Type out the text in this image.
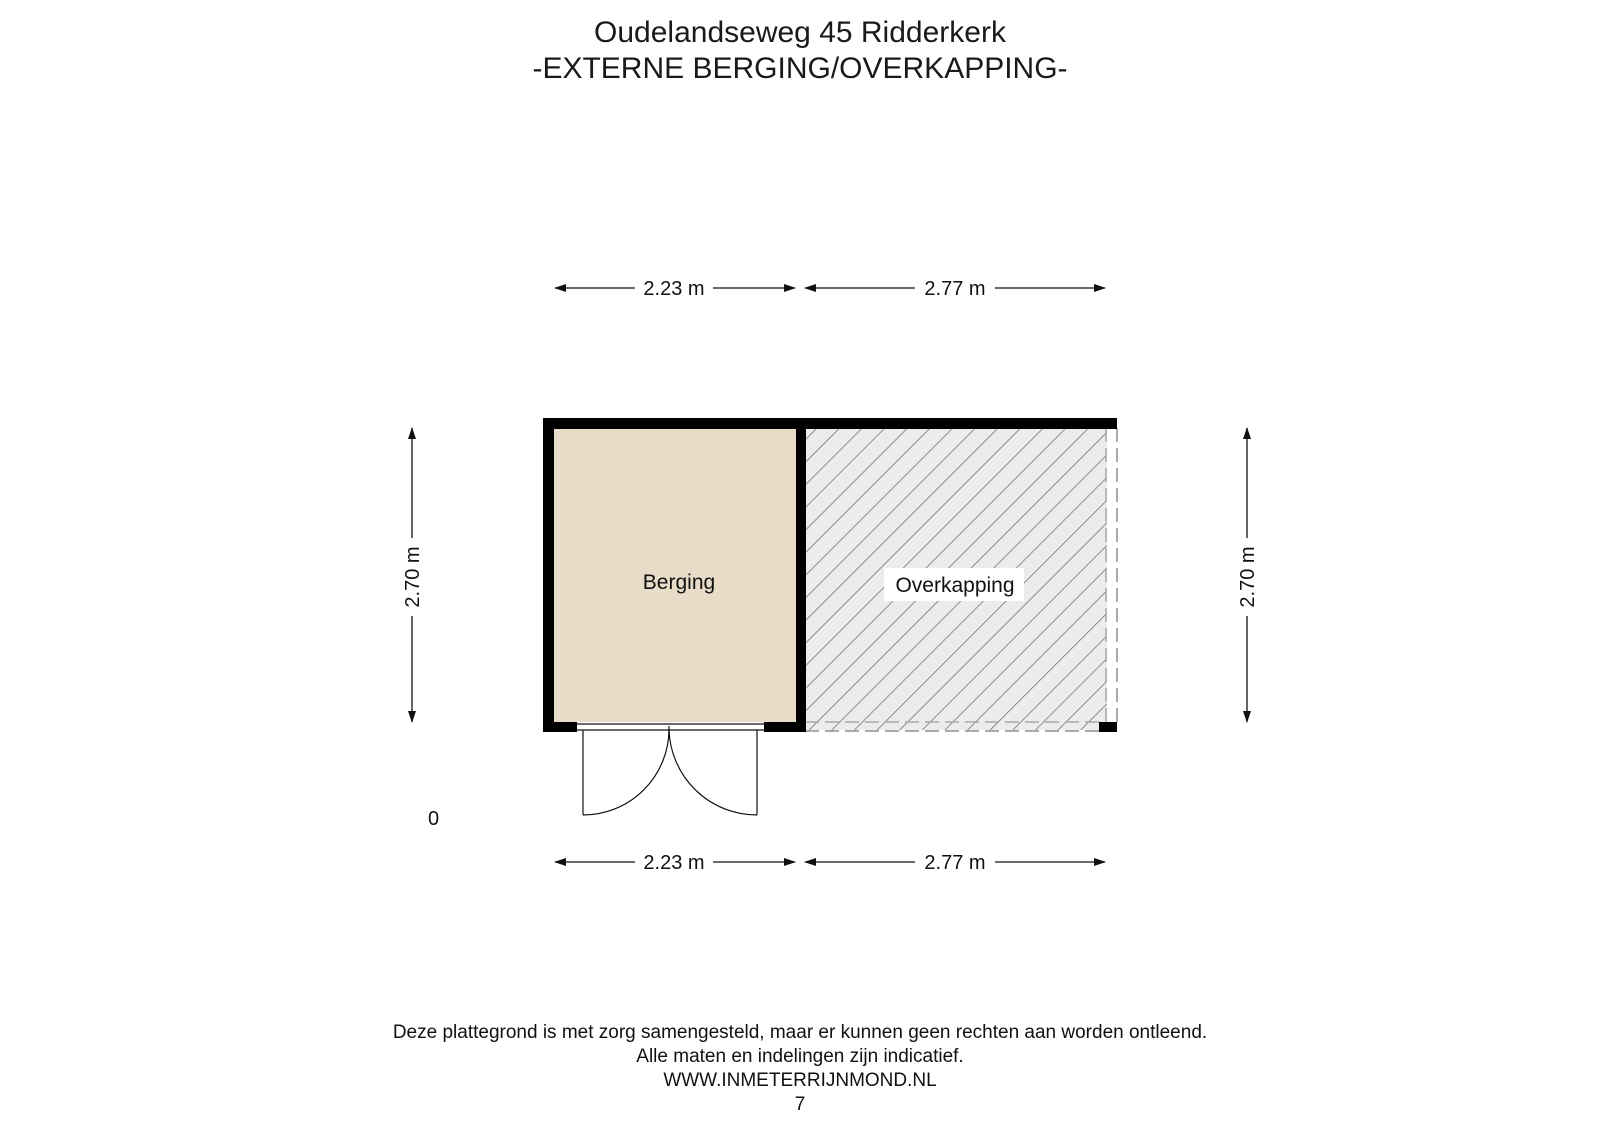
Oudelandseweg 45 Ridderkerk
-EXTERNE BERGING/OVERKAPPING-
2.23 m	2.77 m
2.23 m	2.77 m
2.70 m	2.70 m
Berging	Overkapping
0
Deze plattegrond is met zorg samengesteld, maar er kunnen geen rechten aan worden ontleend.
Alle maten en indelingen zijn indicatief.
WWW.INMETERRIJNMOND.NL
7
